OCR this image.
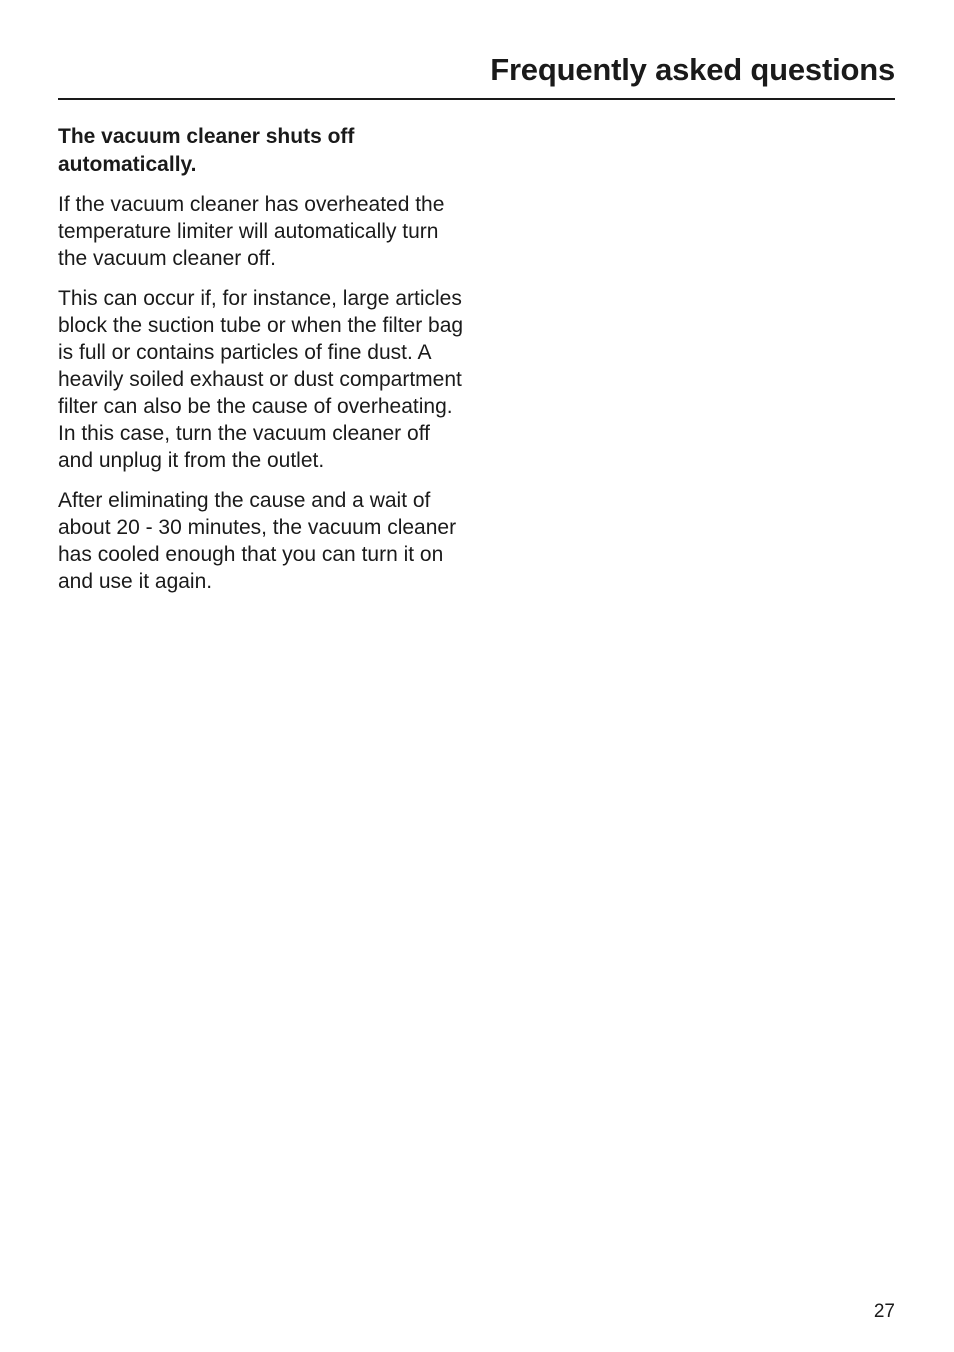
Frequently asked questions
The vacuum cleaner shuts off automatically.

If the vacuum cleaner has overheated the temperature limiter will automatically turn the vacuum cleaner off.

This can occur if, for instance, large articles block the suction tube or when the filter bag is full or contains particles of fine dust. A heavily soiled exhaust or dust compartment filter can also be the cause of overheating. In this case, turn the vacuum cleaner off and unplug it from the outlet.

After eliminating the cause and a wait of about 20 - 30 minutes, the vacuum cleaner has cooled enough that you can turn it on and use it again.

27
